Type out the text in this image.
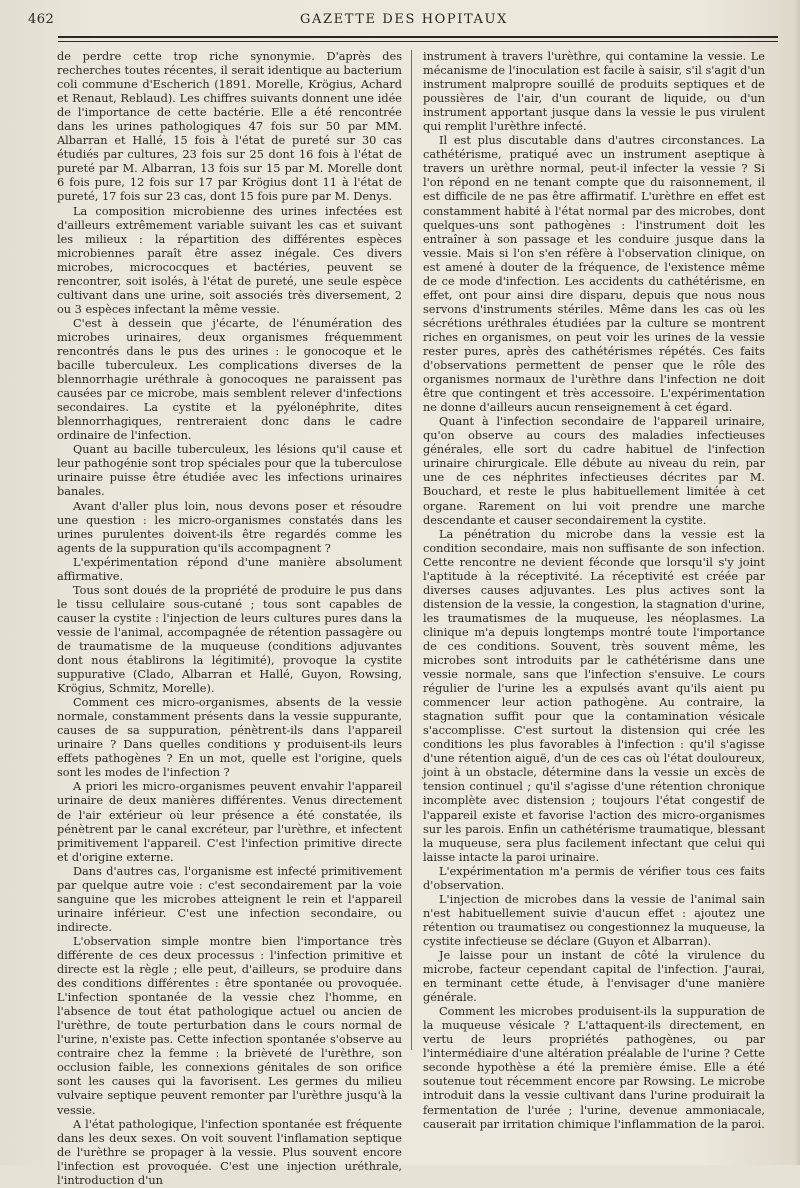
462	GAZETTE DES HOPITAUX

de perdre cette trop riche synonymie. D'après des recherches toutes récentes, il serait identique au bacterium coli commune d'Escherich (1891. Morelle, Krögius, Achard et Renaut, Reblaud). Les chiffres suivants donnent une idée de l'importance de cette bactérie. Elle a été rencontrée dans les urines pathologiques 47 fois sur 50 par MM. Albarran et Hallé, 15 fois à l'état de pureté sur 30 cas étudiés par cultures, 23 fois sur 25 dont 16 fois à l'état de pureté par M. Albarran, 13 fois sur 15 par M. Morelle dont 6 fois pure, 12 fois sur 17 par Krögius dont 11 à l'état de pureté, 17 fois sur 23 cas, dont 15 fois pure par M. Denys.

La composition microbienne des urines infectées est d'ailleurs extrêmement variable suivant les cas et suivant les milieux : la répartition des différentes espèces microbiennes paraît être assez inégale. Ces divers microbes, micrococques et bactéries, peuvent se rencontrer, soit isolés, à l'état de pureté, une seule espèce cultivant dans une urine, soit associés très diversement, 2 ou 3 espèces infectant la même vessie.

C'est à dessein que j'écarte, de l'énumération des microbes urinaires, deux organismes fréquemment rencontrés dans le pus des urines : le gonocoque et le bacille tuberculeux. Les complications diverses de la blennorrhagie uréthrale à gonocoques ne paraissent pas causées par ce microbe, mais semblent relever d'infections secondaires. La cystite et la pyélonéphrite, dites blennorrhagiques, rentreraient donc dans le cadre ordinaire de l'infection.

Quant au bacille tuberculeux, les lésions qu'il cause et leur pathogénie sont trop spéciales pour que la tuberculose urinaire puisse être étudiée avec les infections urinaires banales.

Avant d'aller plus loin, nous devons poser et résoudre une question : les micro-organismes constatés dans les urines purulentes doivent-ils être regardés comme les agents de la suppuration qu'ils accompagnent ?

L'expérimentation répond d'une manière absolument affirmative.

Tous sont doués de la propriété de produire le pus dans le tissu cellulaire sous-cutané ; tous sont capables de causer la cystite : l'injection de leurs cultures pures dans la vessie de l'animal, accompagnée de rétention passagère ou de traumatisme de la muqueuse (conditions adjuvantes dont nous établirons la légitimité), provoque la cystite suppurative (Clado, Albarran et Hallé, Guyon, Rowsing, Krögius, Schmitz, Morelle).

Comment ces micro-organismes, absents de la vessie normale, constamment présents dans la vessie suppurante, causes de sa suppuration, pénètrent-ils dans l'appareil urinaire ? Dans quelles conditions y produisent-ils leurs effets pathogènes ? En un mot, quelle est l'origine, quels sont les modes de l'infection ?

A priori les micro-organismes peuvent envahir l'appareil urinaire de deux manières différentes. Venus directement de l'air extérieur où leur présence a été constatée, ils pénètrent par le canal excréteur, par l'urèthre, et infectent primitivement l'appareil. C'est l'infection primitive directe et d'origine externe.

Dans d'autres cas, l'organisme est infecté primitivement par quelque autre voie : c'est secondairement par la voie sanguine que les microbes atteignent le rein et l'appareil urinaire inférieur. C'est une infection secondaire, ou indirecte.

L'observation simple montre bien l'importance très différente de ces deux processus : l'infection primitive et directe est la règle ; elle peut, d'ailleurs, se produire dans des conditions différentes : être spontanée ou provoquée. L'infection spontanée de la vessie chez l'homme, en l'absence de tout état pathologique actuel ou ancien de l'urèthre, de toute perturbation dans le cours normal de l'urine, n'existe pas. Cette infection spontanée s'observe au contraire chez la femme : la brièveté de l'urèthre, son occlusion faible, les connexions génitales de son orifice sont les causes qui la favorisent. Les germes du milieu vulvaire septique peuvent remonter par l'urèthre jusqu'à la vessie.

A l'état pathologique, l'infection spontanée est fréquente dans les deux sexes. On voit souvent l'inflamation septique de l'urèthre se propager à la vessie. Plus souvent encore l'infection est provoquée. C'est une injection uréthrale, l'introduction d'un

instrument à travers l'urèthre, qui contamine la vessie. Le mécanisme de l'inoculation est facile à saisir, s'il s'agit d'un instrument malpropre souillé de produits septiques et de poussières de l'air, d'un courant de liquide, ou d'un instrument apportant jusque dans la vessie le pus virulent qui remplit l'urèthre infecté.

Il est plus discutable dans d'autres circonstances. La cathétérisme, pratiqué avec un instrument aseptique à travers un urèthre normal, peut-il infecter la vessie ? Si l'on répond en ne tenant compte que du raisonnement, il est difficile de ne pas être affirmatif. L'urèthre en effet est constamment habité à l'état normal par des microbes, dont quelques-uns sont pathogènes : l'instrument doit les entraîner à son passage et les conduire jusque dans la vessie. Mais si l'on s'en réfère à l'observation clinique, on est amené à douter de la fréquence, de l'existence même de ce mode d'infection. Les accidents du cathétérisme, en effet, ont pour ainsi dire disparu, depuis que nous nous servons d'instruments stériles. Même dans les cas où les sécrétions uréthrales étudiées par la culture se montrent riches en organismes, on peut voir les urines de la vessie rester pures, après des cathétérismes répétés. Ces faits d'observations permettent de penser que le rôle des organismes normaux de l'urèthre dans l'infection ne doit être que contingent et très accessoire. L'expérimentation ne donne d'ailleurs aucun renseignement à cet égard.

Quant à l'infection secondaire de l'appareil urinaire, qu'on observe au cours des maladies infectieuses générales, elle sort du cadre habituel de l'infection urinaire chirurgicale. Elle débute au niveau du rein, par une de ces néphrites infectieuses décrites par M. Bouchard, et reste le plus habituellement limitée à cet organe. Rarement on lui voit prendre une marche descendante et causer secondairement la cystite.

La pénétration du microbe dans la vessie est la condition secondaire, mais non suffisante de son infection. Cette rencontre ne devient féconde que lorsqu'il s'y joint l'aptitude à la réceptivité. La réceptivité est créée par diverses causes adjuvantes. Les plus actives sont la distension de la vessie, la congestion, la stagnation d'urine, les traumatismes de la muqueuse, les néoplasmes. La clinique m'a depuis longtemps montré toute l'importance de ces conditions. Souvent, très souvent même, les microbes sont introduits par le cathétérisme dans une vessie normale, sans que l'infection s'ensuive. Le cours régulier de l'urine les a expulsés avant qu'ils aient pu commencer leur action pathogène. Au contraire, la stagnation suffit pour que la contamination vésicale s'accomplisse. C'est surtout la distension qui crée les conditions les plus favorables à l'infection : qu'il s'agisse d'une rétention aiguë, d'un de ces cas où l'état douloureux, joint à un obstacle, détermine dans la vessie un excès de tension continuel ; qu'il s'agisse d'une rétention chronique incomplète avec distension ; toujours l'état congestif de l'appareil existe et favorise l'action des micro-organismes sur les parois. Enfin un cathétérisme traumatique, blessant la muqueuse, sera plus facilement infectant que celui qui laisse intacte la paroi urinaire.

L'expérimentation m'a permis de vérifier tous ces faits d'observation.

L'injection de microbes dans la vessie de l'animal sain n'est habituellement suivie d'aucun effet : ajoutez une rétention ou traumatisez ou congestionnez la muqueuse, la cystite infectieuse se déclare (Guyon et Albarran).

Je laisse pour un instant de côté la virulence du microbe, facteur cependant capital de l'infection. J'aurai, en terminant cette étude, à l'envisager d'une manière générale.

Comment les microbes produisent-ils la suppuration de la muqueuse vésicale ? L'attaquent-ils directement, en vertu de leurs propriétés pathogènes, ou par l'intermédiaire d'une altération préalable de l'urine ? Cette seconde hypothèse a été la première émise. Elle a été soutenue tout récemment encore par Rowsing. Le microbe introduit dans la vessie cultivant dans l'urine produirait la fermentation de l'urée ; l'urine, devenue ammoniacale, causerait par irritation chimique l'inflammation de la paroi.
